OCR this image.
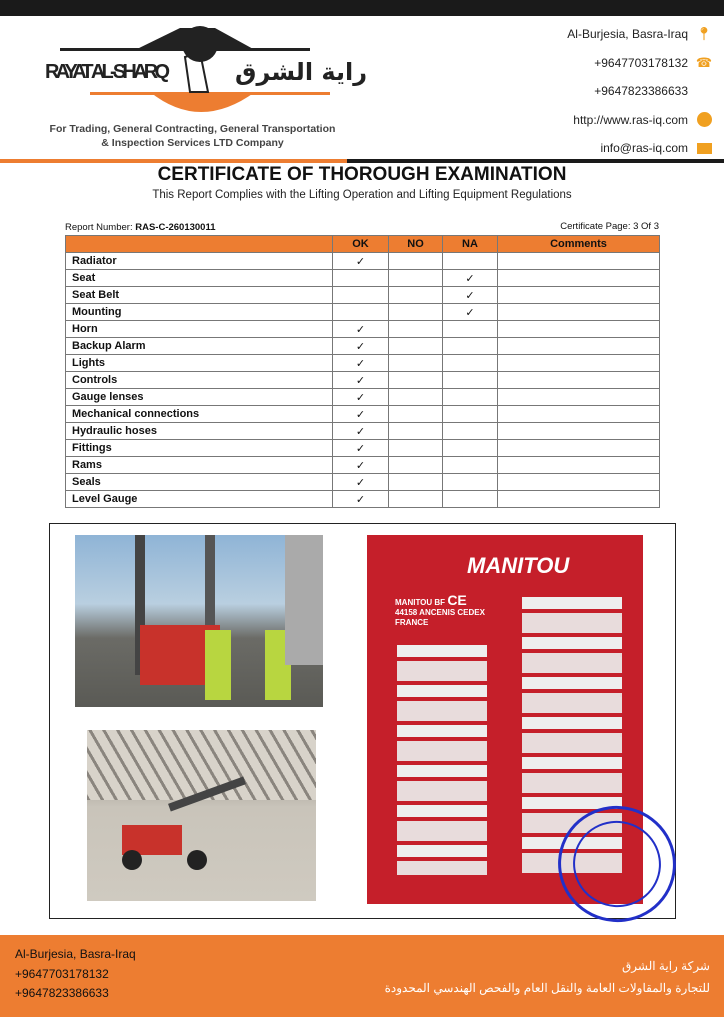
RAYAT AL-SHARQ	راية الشرق
For Trading, General Contracting, General Transportation
& Inspection Services LTD Company
Al-Burjesia, Basra-Iraq 📍︎
+9647703178132 ☎
+9647823386633
http://www.ras-iq.com
info@ras-iq.com
CERTIFICATE OF THOROUGH EXAMINATION
This Report Complies with the Lifting Operation and Lifting Equipment Regulations
Report Number: RAS-C-260130011	Certificate Page: 3 Of 3
	OK	NO	NA	Comments
Radiator	✓			
Seat			✓	
Seat Belt			✓	
Mounting			✓	
Horn	✓			
Backup Alarm	✓			
Lights	✓			
Controls	✓			
Gauge lenses	✓			
Mechanical connections	✓			
Hydraulic hoses	✓			
Fittings	✓			
Rams	✓			
Seals	✓			
Level Gauge	✓			
MANITOU
MANITOU BF CE
44158 ANCENIS CEDEX
FRANCE
Al-Burjesia, Basra-Iraq
+9647703178132
+9647823386633
شركة راية الشرق
للتجارة والمقاولات العامة والنقل العام والفحص الهندسي المحدودة
